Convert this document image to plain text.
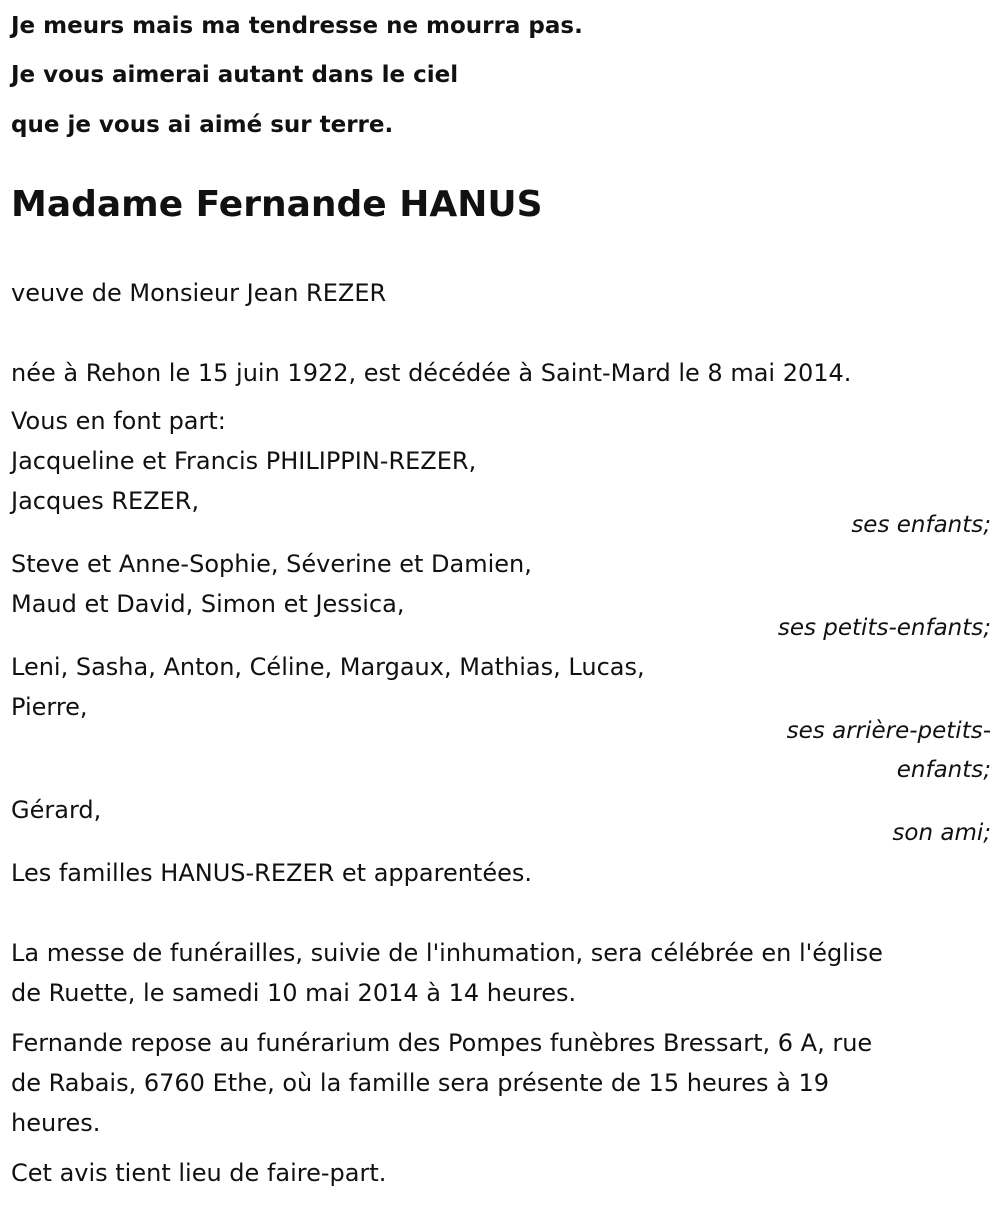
Je meurs mais ma tendresse ne mourra pas.
Je vous aimerai autant dans le ciel
que je vous ai aimé sur terre.
Madame Fernande HANUS
veuve de Monsieur Jean REZER
née à Rehon le 15 juin 1922, est décédée à Saint-Mard le 8 mai 2014.
Vous en font part:
Jacqueline et Francis PHILIPPIN-REZER,
Jacques REZER,
ses enfants;
Steve et Anne-Sophie, Séverine et Damien,
Maud et David, Simon et Jessica,
ses petits-enfants;
Leni, Sasha, Anton, Céline, Margaux, Mathias, Lucas,
Pierre,
ses arrière-petits-
enfants;
Gérard,
son ami;
Les familles HANUS-REZER et apparentées.
La messe de funérailles, suivie de l'inhumation, sera célébrée en l'église
de Ruette, le samedi 10 mai 2014 à 14 heures.
Fernande repose au funérarium des Pompes funèbres Bressart, 6 A, rue
de Rabais, 6760 Ethe, où la famille sera présente de 15 heures à 19
heures.
Cet avis tient lieu de faire-part.
